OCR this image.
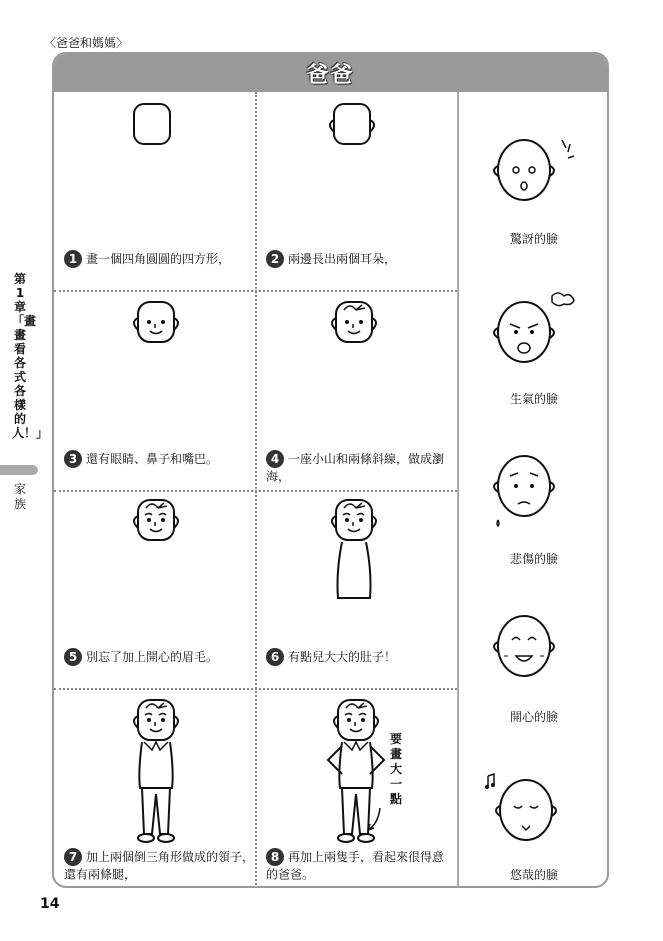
〈爸爸和媽媽〉
第1章「畫畫看各式各樣的人！」
家族
爸爸
1 畫一個四角圓圓的四方形，	2 兩邊長出兩個耳朵，
3 還有眼睛、鼻子和嘴巴。	4 一座小山和兩條斜線，做成瀏海，
5 別忘了加上開心的眉毛。	6 有點兒大大的肚子！
7 加上兩個倒三角形做成的領子，還有兩條腿，
8 再加上兩隻手，看起來很得意的爸爸。
驚訝的臉
生氣的臉
悲傷的臉
開心的臉
悠哉的臉
要畫大一點
14
